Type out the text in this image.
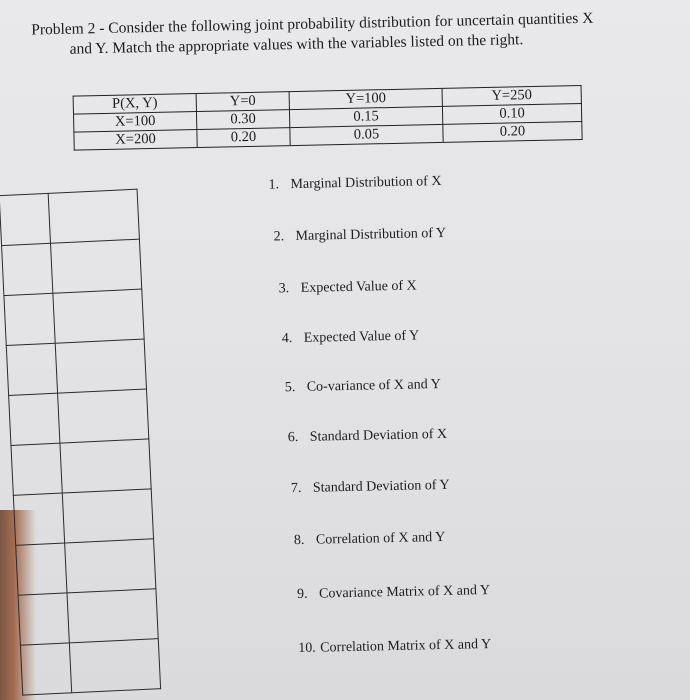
Problem 2 - Consider the following joint probability distribution for uncertain quantities X
and Y. Match the appropriate values with the variables listed on the right.
P(X, Y)	Y=0	Y=100	Y=250
X=100	0.30	0.15	0.10
X=200	0.20	0.05	0.20

1. Marginal Distribution of X
2. Marginal Distribution of Y
3. Expected Value of X
4. Expected Value of Y
5. Co-variance of X and Y
6. Standard Deviation of X
7. Standard Deviation of Y
8. Correlation of X and Y
9. Covariance Matrix of X and Y
10. Correlation Matrix of X and Y
